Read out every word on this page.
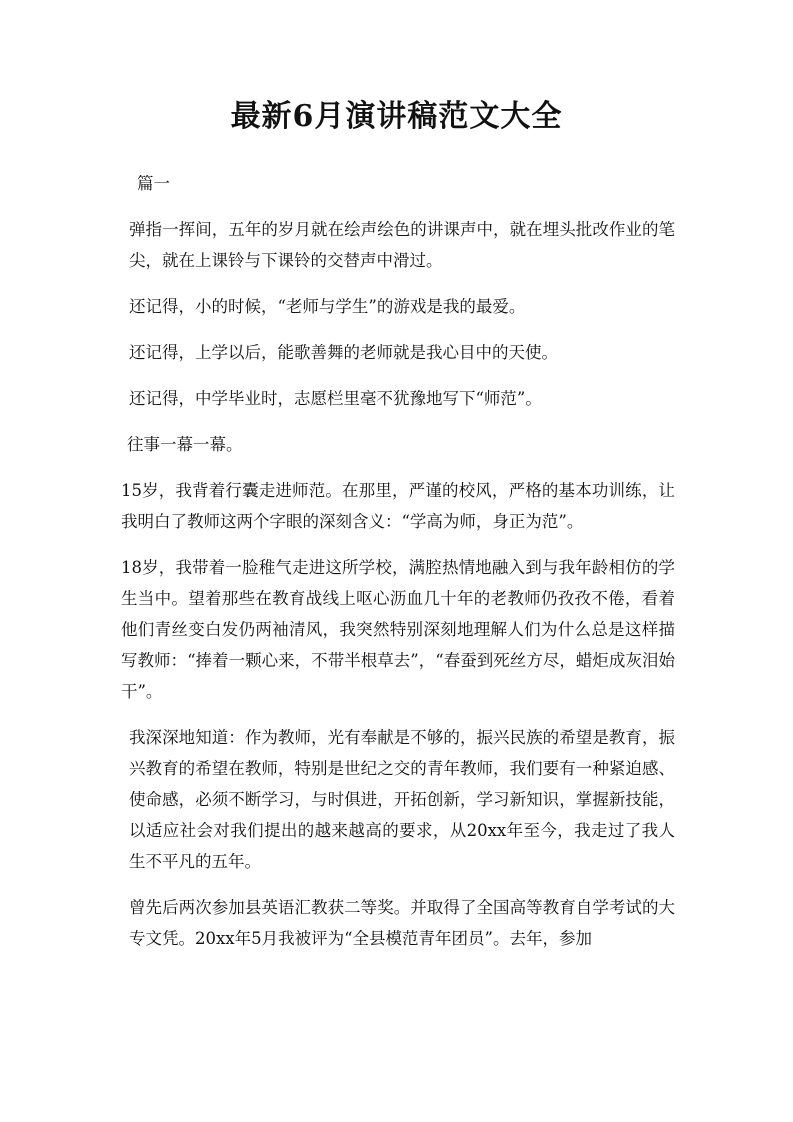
最新6月演讲稿范文大全

篇一

弹指一挥间，五年的岁月就在绘声绘色的讲课声中，就在埋头批改作业的笔尖，就在上课铃与下课铃的交替声中滑过。

还记得，小的时候，“老师与学生”的游戏是我的最爱。

还记得，上学以后，能歌善舞的老师就是我心目中的天使。

还记得，中学毕业时，志愿栏里毫不犹豫地写下“师范”。

往事一幕一幕。

15岁，我背着行囊走进师范。在那里，严谨的校风，严格的基本功训练，让我明白了教师这两个字眼的深刻含义：“学高为师，身正为范”。

18岁，我带着一脸稚气走进这所学校，满腔热情地融入到与我年龄相仿的学生当中。望着那些在教育战线上呕心沥血几十年的老教师仍孜孜不倦，看着他们青丝变白发仍两袖清风，我突然特别深刻地理解人们为什么总是这样描写教师：“捧着一颗心来，不带半根草去”，“春蚕到死丝方尽，蜡炬成灰泪始干”。

我深深地知道：作为教师，光有奉献是不够的，振兴民族的希望是教育，振兴教育的希望在教师，特别是世纪之交的青年教师，我们要有一种紧迫感、使命感，必须不断学习，与时俱进，开拓创新，学习新知识，掌握新技能，以适应社会对我们提出的越来越高的要求，从20xx年至今，我走过了我人生不平凡的五年。

曾先后两次参加县英语汇教获二等奖。并取得了全国高等教育自学考试的大专文凭。20xx年5月我被评为“全县模范青年团员”。去年，参加
